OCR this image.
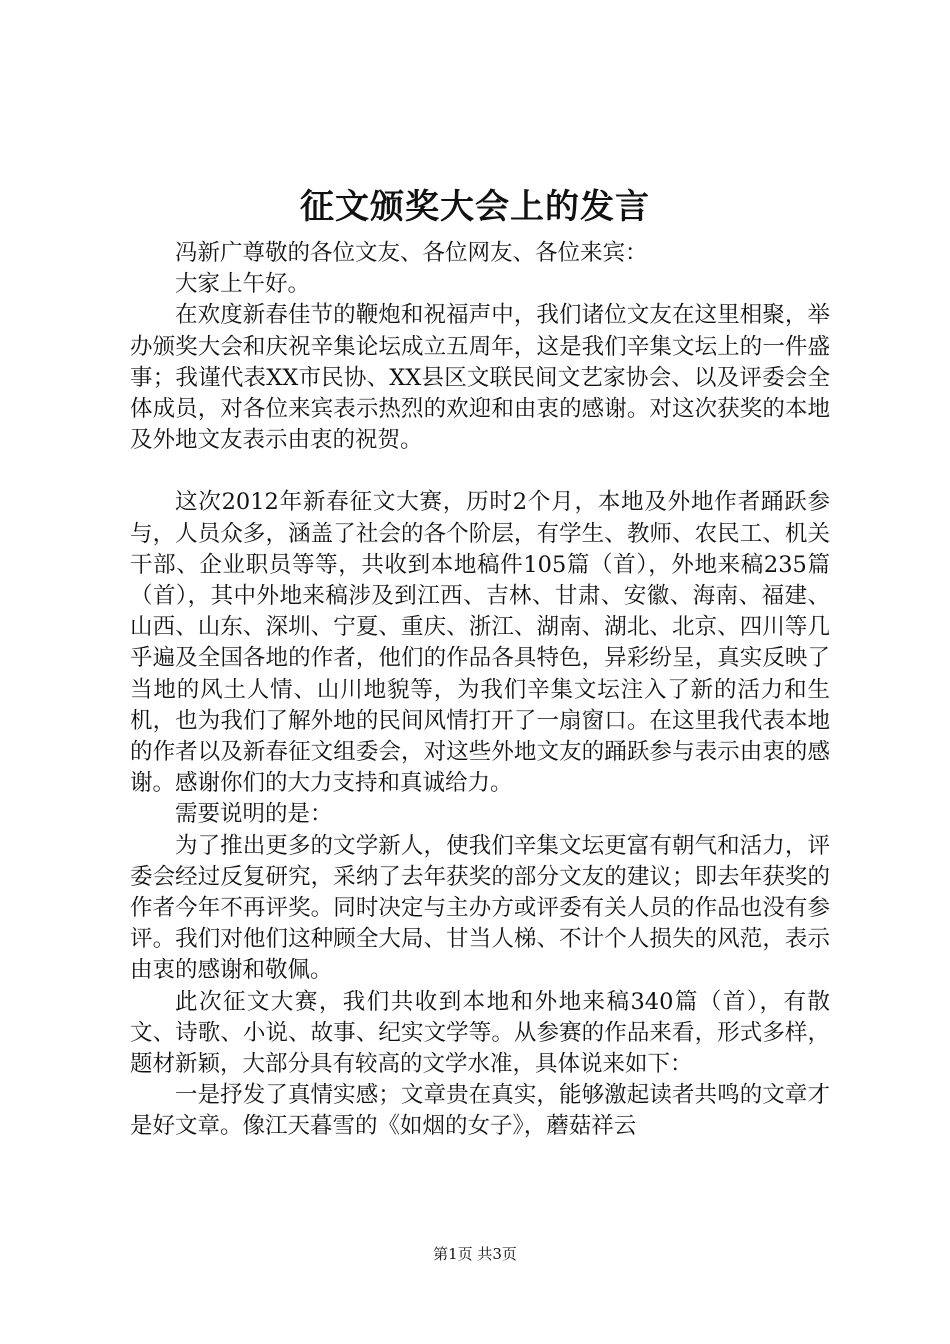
征文颁奖大会上的发言

冯新广尊敬的各位文友、各位网友、各位来宾：

大家上午好。

在欢度新春佳节的鞭炮和祝福声中，我们诸位文友在这里相聚，举办颁奖大会和庆祝辛集论坛成立五周年，这是我们辛集文坛上的一件盛事；我谨代表XX市民协、XX县区文联民间文艺家协会、以及评委会全体成员，对各位来宾表示热烈的欢迎和由衷的感谢。对这次获奖的本地及外地文友表示由衷的祝贺。

这次2012年新春征文大赛，历时2个月，本地及外地作者踊跃参与，人员众多，涵盖了社会的各个阶层，有学生、教师、农民工、机关干部、企业职员等等，共收到本地稿件105篇（首），外地来稿235篇（首），其中外地来稿涉及到江西、吉林、甘肃、安徽、海南、福建、山西、山东、深圳、宁夏、重庆、浙江、湖南、湖北、北京、四川等几乎遍及全国各地的作者，他们的作品各具特色，异彩纷呈，真实反映了当地的风土人情、山川地貌等，为我们辛集文坛注入了新的活力和生机，也为我们了解外地的民间风情打开了一扇窗口。在这里我代表本地的作者以及新春征文组委会，对这些外地文友的踊跃参与表示由衷的感谢。感谢你们的大力支持和真诚给力。

需要说明的是：

为了推出更多的文学新人，使我们辛集文坛更富有朝气和活力，评委会经过反复研究，采纳了去年获奖的部分文友的建议；即去年获奖的作者今年不再评奖。同时决定与主办方或评委有关人员的作品也没有参评。我们对他们这种顾全大局、甘当人梯、不计个人损失的风范，表示由衷的感谢和敬佩。

此次征文大赛，我们共收到本地和外地来稿340篇（首），有散文、诗歌、小说、故事、纪实文学等。从参赛的作品来看，形式多样，题材新颖，大部分具有较高的文学水准，具体说来如下：

一是抒发了真情实感；文章贵在真实，能够激起读者共鸣的文章才是好文章。像江天暮雪的《如烟的女子》，蘑菇祥云

第1页 共3页
